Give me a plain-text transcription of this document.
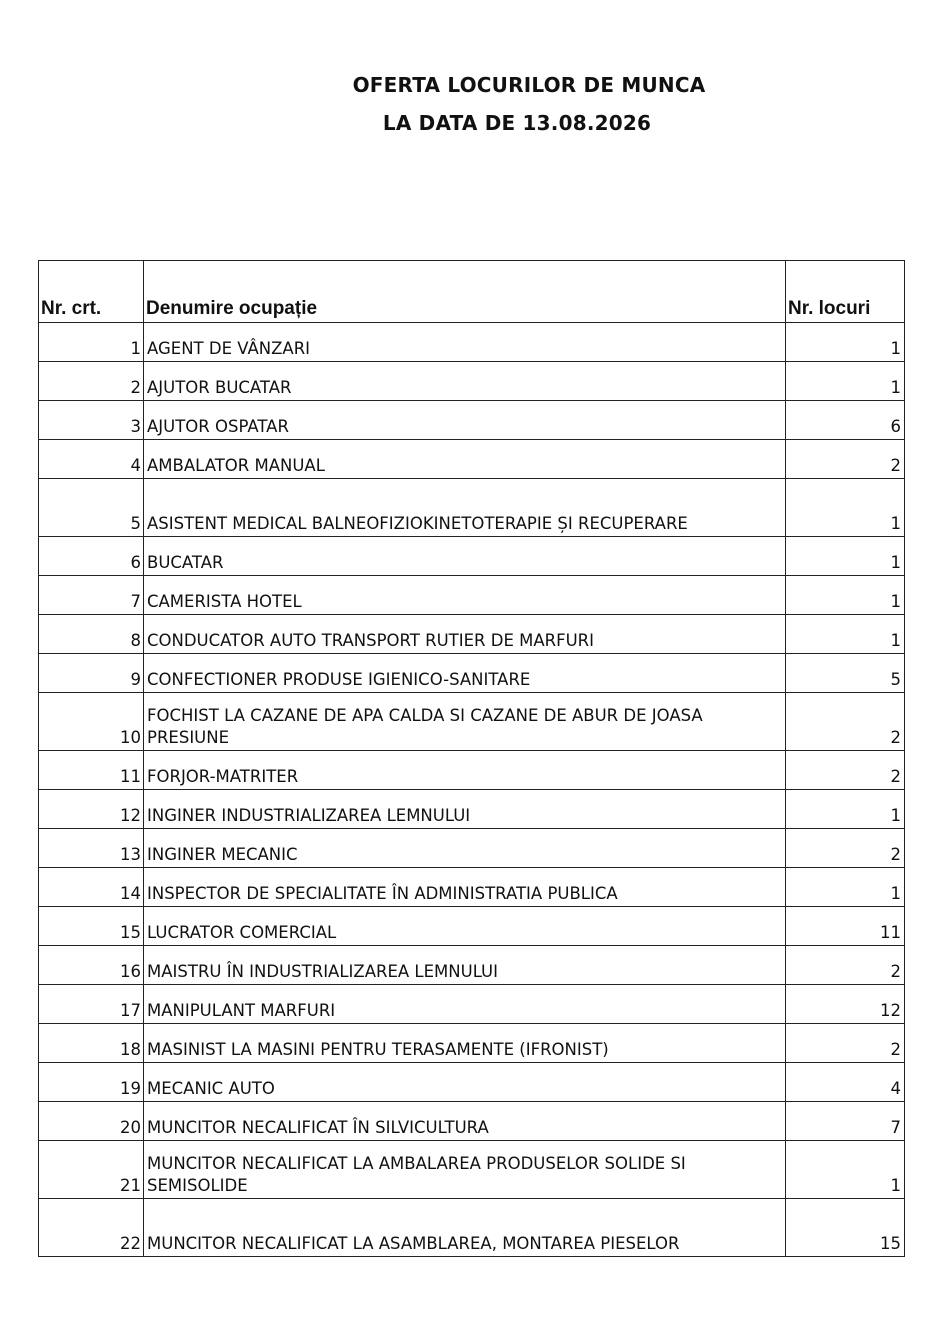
OFERTA LOCURILOR DE MUNCA
LA DATA DE 13.08.2026
Nr. crt.	Denumire ocupație	Nr. locuri
1	AGENT DE VÂNZARI	1
2	AJUTOR BUCATAR	1
3	AJUTOR OSPATAR	6
4	AMBALATOR MANUAL	2
5	ASISTENT MEDICAL BALNEOFIZIOKINETOTERAPIE ȘI RECUPERARE	1
6	BUCATAR	1
7	CAMERISTA HOTEL	1
8	CONDUCATOR AUTO TRANSPORT RUTIER DE MARFURI	1
9	CONFECTIONER PRODUSE IGIENICO-SANITARE	5
10	FOCHIST LA CAZANE DE APA CALDA SI CAZANE DE ABUR DE JOASA PRESIUNE	2
11	FORJOR-MATRITER	2
12	INGINER INDUSTRIALIZAREA LEMNULUI	1
13	INGINER MECANIC	2
14	INSPECTOR DE SPECIALITATE ÎN ADMINISTRATIA PUBLICA	1
15	LUCRATOR COMERCIAL	11
16	MAISTRU ÎN INDUSTRIALIZAREA LEMNULUI	2
17	MANIPULANT MARFURI	12
18	MASINIST LA MASINI PENTRU TERASAMENTE (IFRONIST)	2
19	MECANIC AUTO	4
20	MUNCITOR NECALIFICAT ÎN SILVICULTURA	7
21	MUNCITOR NECALIFICAT LA AMBALAREA PRODUSELOR SOLIDE SI SEMISOLIDE	1
22	MUNCITOR NECALIFICAT LA ASAMBLAREA, MONTAREA PIESELOR	15
